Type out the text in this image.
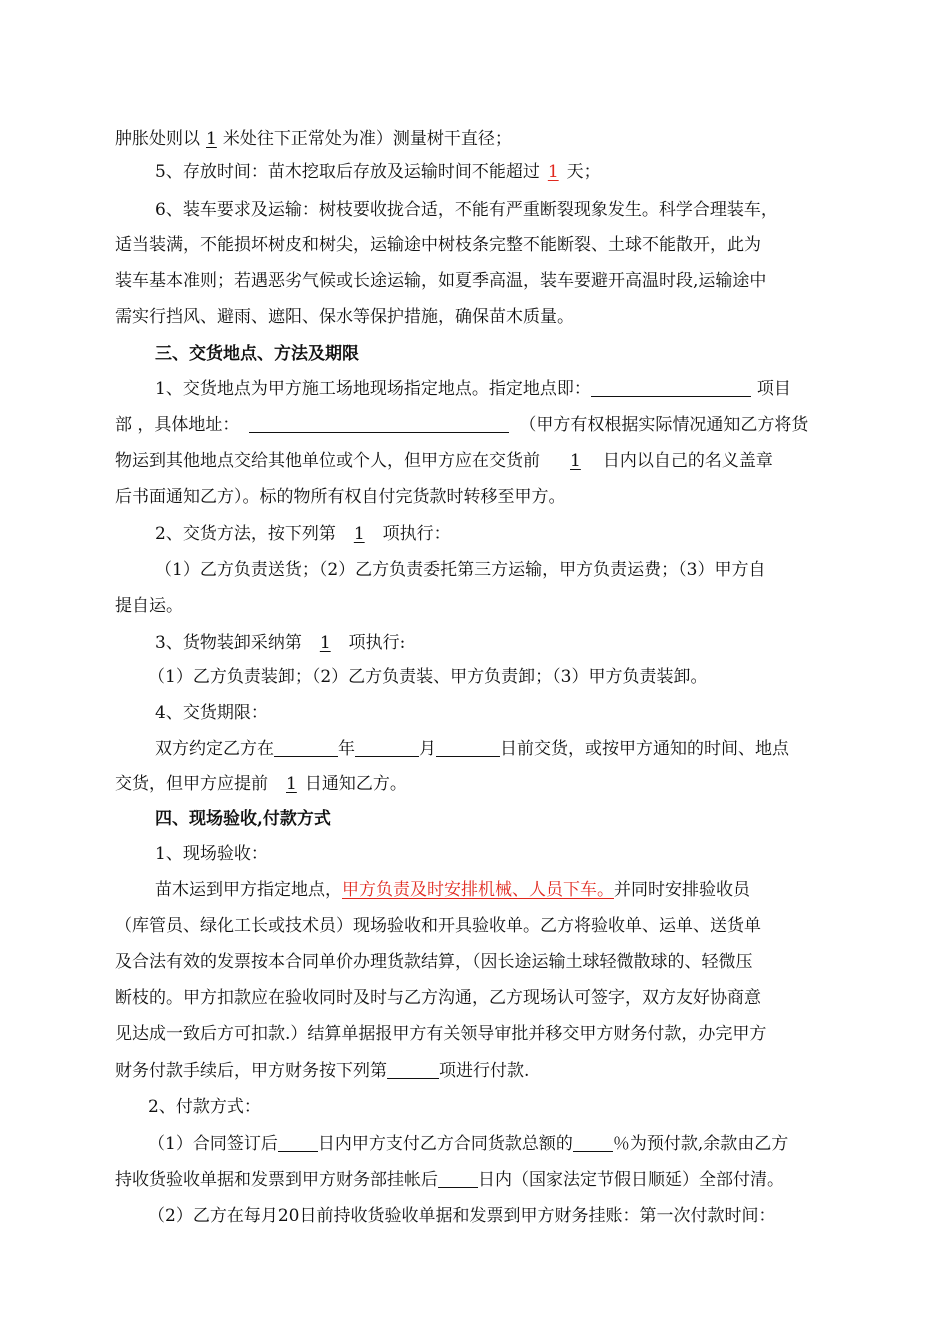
肿胀处则以 1 米处往下正常处为准）测量树干直径；
5、存放时间：苗木挖取后存放及运输时间不能超过 1 天；
6、装车要求及运输：树枝要收拢合适，不能有严重断裂现象发生。科学合理装车，
适当装满，不能损坏树皮和树尖，运输途中树枝条完整不能断裂、土球不能散开，此为
装车基本准则；若遇恶劣气候或长途运输，如夏季高温，装车要避开高温时段,运输途中
需实行挡风、避雨、遮阳、保水等保护措施，确保苗木质量。
三、交货地点、方法及期限
1、交货地点为甲方施工场地现场指定地点。指定地点即：	项目
部 ，具体地址：	（甲方有权根据实际情况通知乙方将货
物运到其他地点交给其他单位或个人，但甲方应在交货前 1 日内以自己的名义盖章
后书面通知乙方）。标的物所有权自付完货款时转移至甲方。
2、交货方法，按下列第 1 项执行：
（1）乙方负责送货；（2）乙方负责委托第三方运输，甲方负责运费；（3）甲方自
提自运。
3、货物装卸采纳第 1 项执行:
（1）乙方负责装卸；（2）乙方负责装、甲方负责卸；（3）甲方负责装卸。
4、交货期限：
双方约定乙方在	年	月	日前交货，或按甲方通知的时间、地点
交货，但甲方应提前 1 日通知乙方。
四、现场验收,付款方式
1、现场验收：
苗木运到甲方指定地点，甲方负责及时安排机械、人员下车。并同时安排验收员
（库管员、绿化工长或技术员）现场验收和开具验收单。乙方将验收单、运单、送货单
及合法有效的发票按本合同单价办理货款结算，（因长途运输土球轻微散球的、轻微压
断枝的。甲方扣款应在验收同时及时与乙方沟通，乙方现场认可签字，双方友好协商意
见达成一致后方可扣款.）结算单据报甲方有关领导审批并移交甲方财务付款，办完甲方
财务付款手续后，甲方财务按下列第	项进行付款.
2、付款方式：
（1）合同签订后 日内甲方支付乙方合同货款总额的 ％为预付款,余款由乙方
持收货验收单据和发票到甲方财务部挂帐后 日内（国家法定节假日顺延）全部付清。
（2）乙方在每月20日前持收货验收单据和发票到甲方财务挂账：第一次付款时间：
